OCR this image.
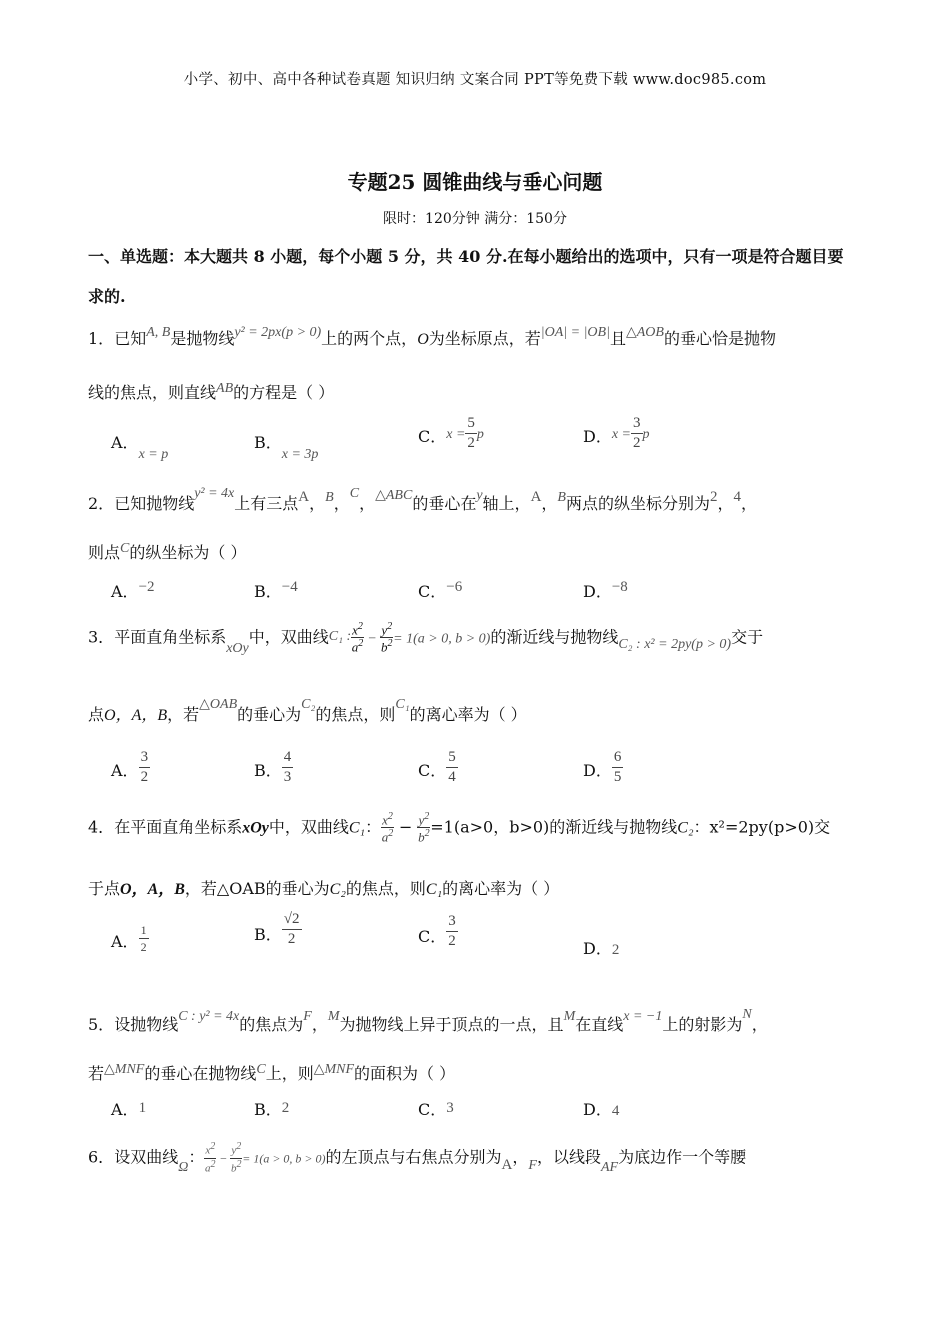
小学、初中、高中各种试卷真题 知识归纳 文案合同 PPT等免费下载 www.doc985.com
专题25 圆锥曲线与垂心问题
限时：120分钟 满分：150分
一、单选题：本大题共 8 小题，每个小题 5 分，共 40 分.在每小题给出的选项中，只有一项是符合题目要
求的.
1．已知A, B是抛物线y² = 2px(p > 0)上的两个点，O为坐标原点，若|OA| = |OB|且△AOB的垂心恰是抛物
线的焦点，则直线AB的方程是（ ）
A．x = p
B．x = 3p
C．$x = \frac{5}{2}$ p	D．$x = \frac{3}{2}$ p
2．已知抛物线y² = 4x上有三点A，B，C，△ABC的垂心在y轴上，A，B两点的纵坐标分别为2，4，
则点C的纵坐标为（ ）
A．−2	B．−4	C．−6	D．−8
3．平面直角坐标系xOy中，双曲线C₁ : $\frac{x^2}{a^2} - \frac{y^2}{b^2} = 1(a > 0$, b > 0)的渐近线与抛物线C₂ : x² = 2py(p > 0)交于
点O，A，B，若△OAB的垂心为C₂的焦点，则C₁的离心率为（ ）
A． $\frac{3}{2}$	B． $\frac{4}{3}$	C． $\frac{5}{4}$	D． $\frac{6}{5}$
4．在平面直角坐标系xOy中，双曲线C₁： $\frac{x^2}{a^2} - \frac{y^2}{b^2} =1(a>0$，b>0)的渐近线与抛物线C₂：x²=2py(p>0)交
于点O，A，B，若△OAB的垂心为C₂的焦点，则C₁的离心率为（ ）
A． $\frac{1}{2}$	B． $\frac{√2}{2}$	C． $\frac{3}{2}$	D．2
5．设抛物线C : y² = 4x的焦点为F，M为抛物线上异于顶点的一点，且M在直线x = −1上的射影为N，
若△MNF的垂心在抛物线C上，则△MNF的面积为（ ）
A．1	B．2	C．3	D．4
6．设双曲线Ω： $\frac{x^2}{a^2} - \frac{y^2}{b^2} = 1(a > 0$, b > 0)的左顶点与右焦点分别为A，F，以线段AF为底边作一个等腰
